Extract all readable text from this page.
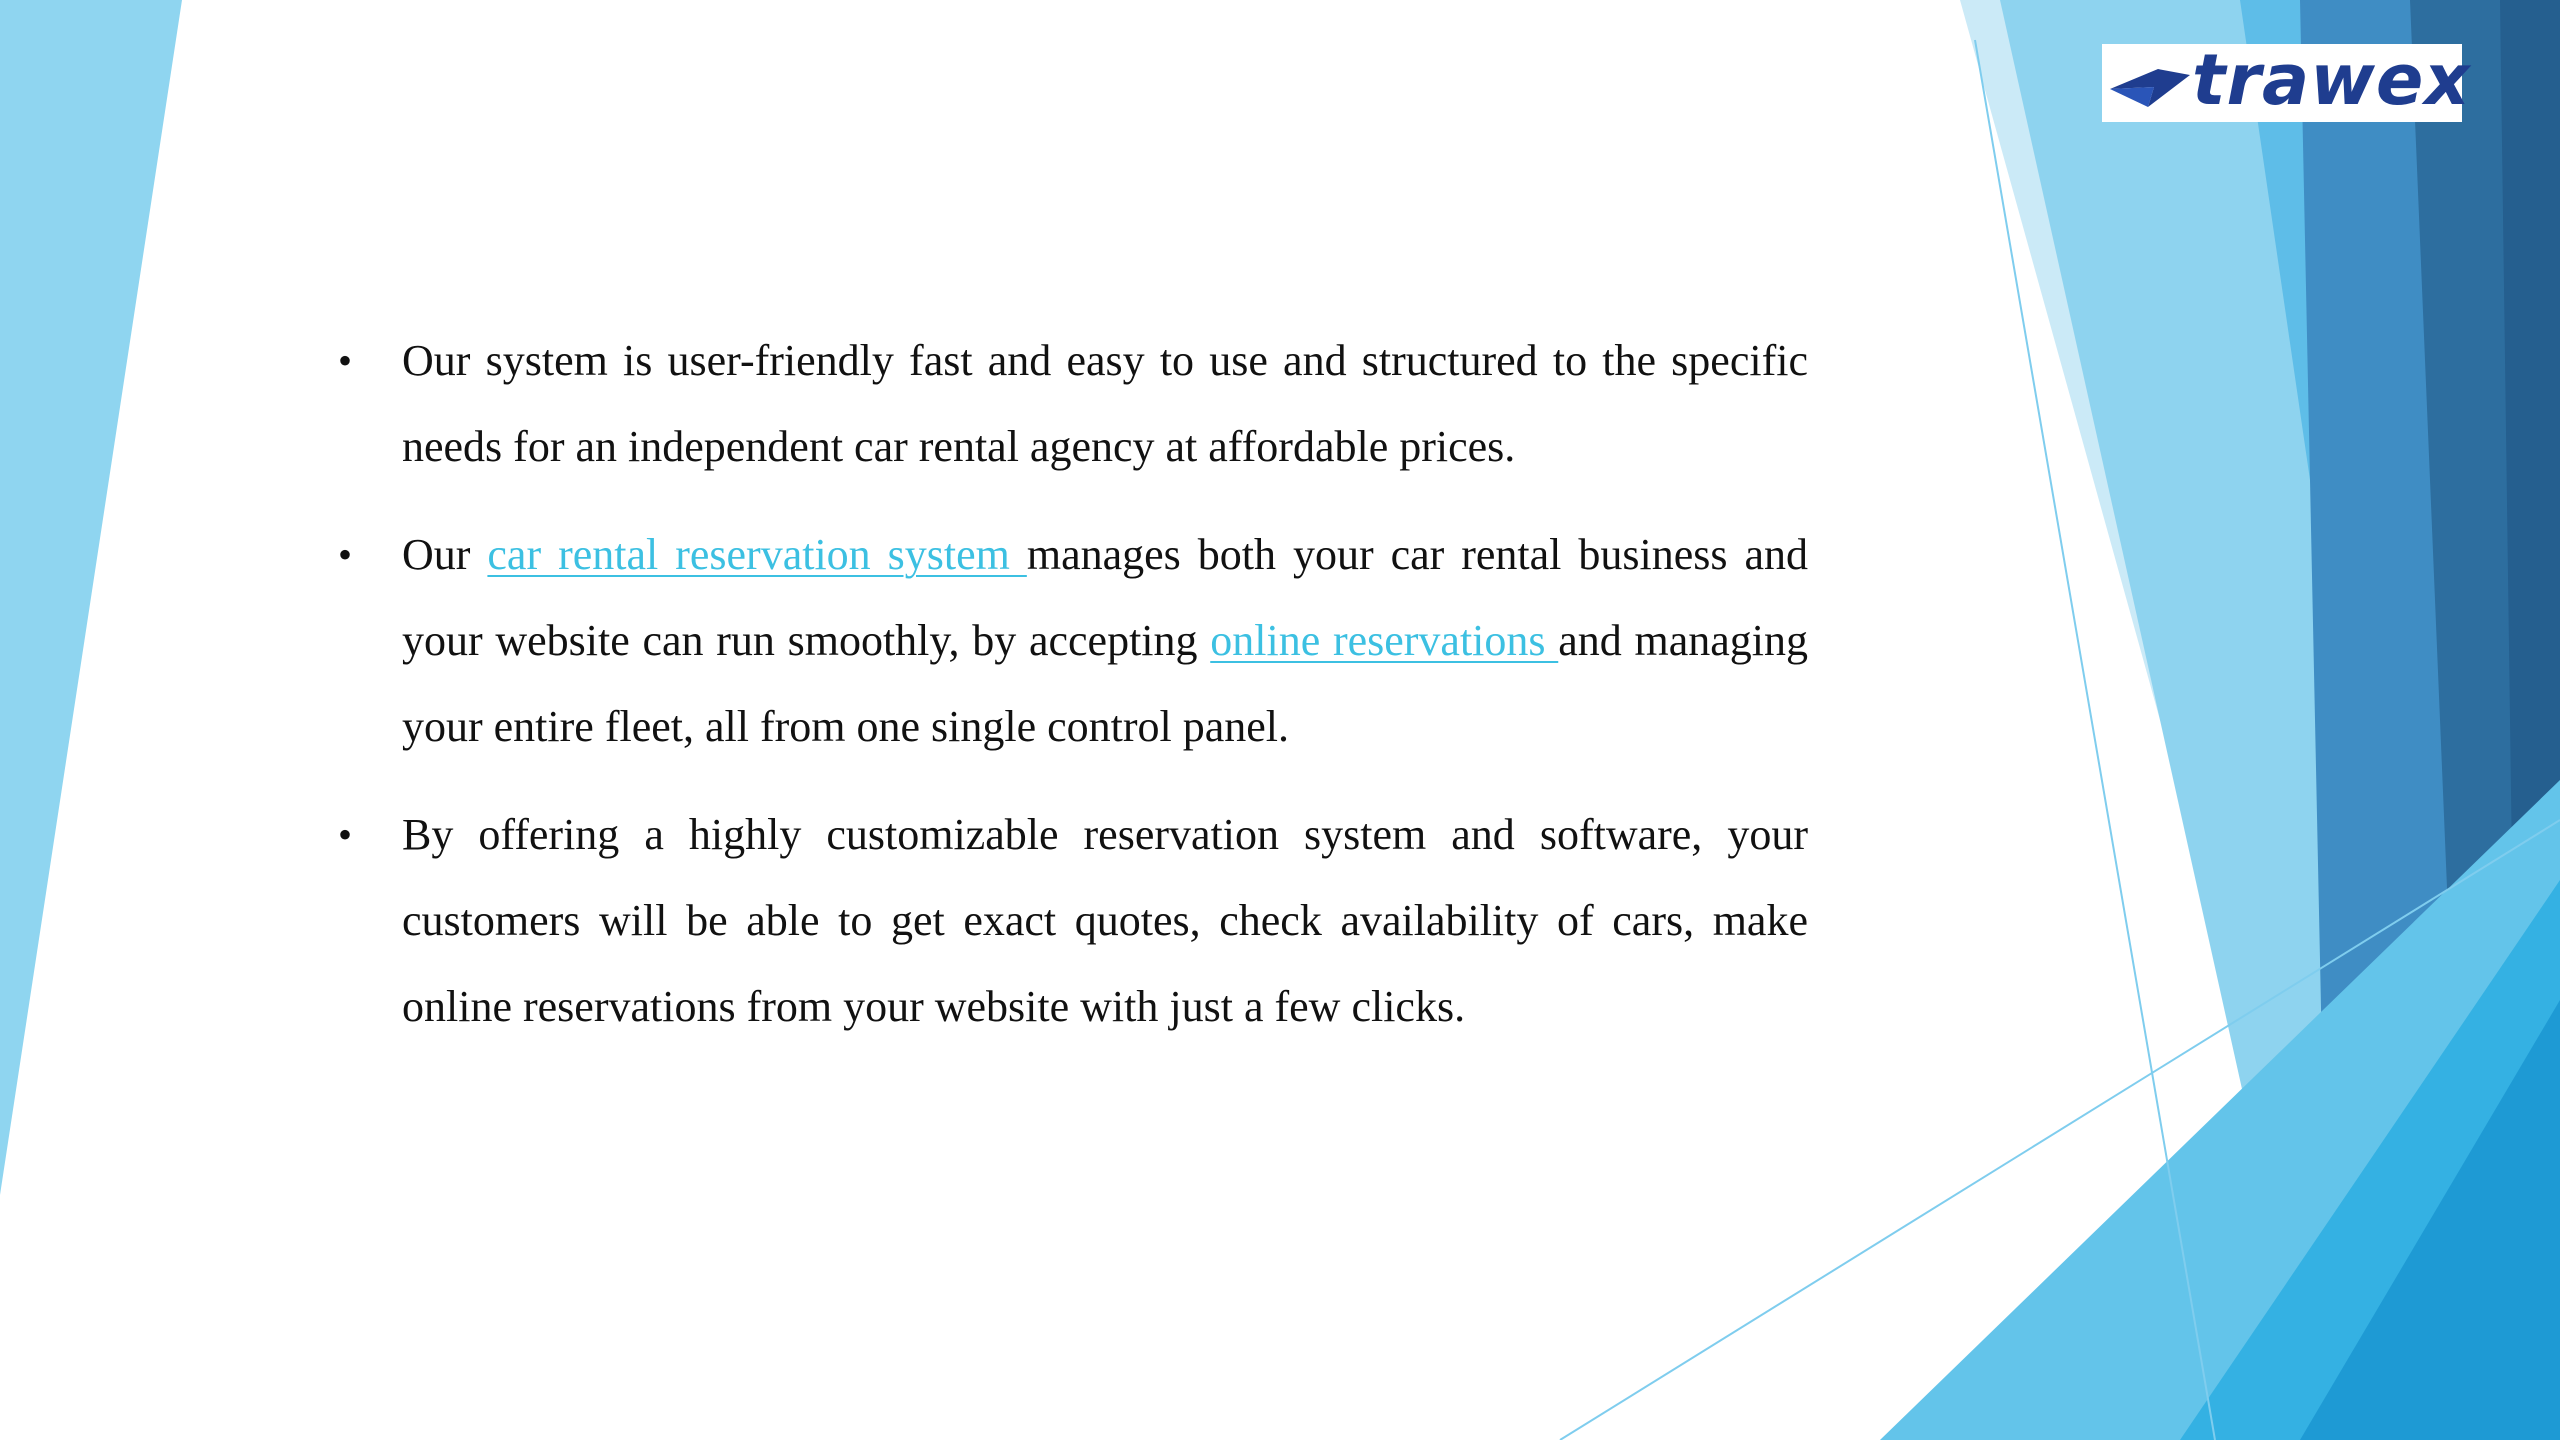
trawex
• Our system is user-friendly fast and easy to use and structured to the specific needs for an independent car rental agency at affordable prices.
• Our car rental reservation system manages both your car rental business and your website can run smoothly, by accepting online reservations and managing your entire fleet, all from one single control panel.
• By offering a highly customizable reservation system and software, your customers will be able to get exact quotes, check availability of cars, make online reservations from your website with just a few clicks.
